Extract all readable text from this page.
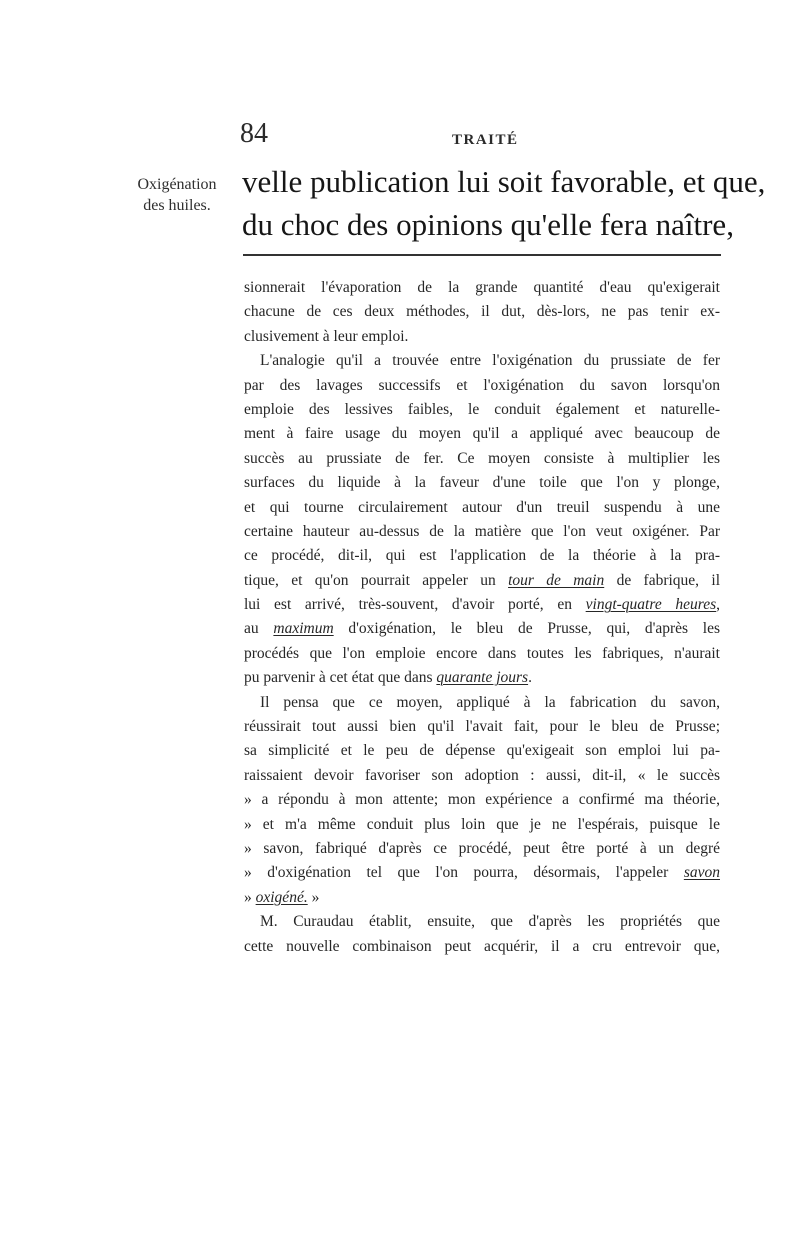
84	TRAITÉ
Oxigénation
des huiles.
velle publication lui soit favorable, et que,
du choc des opinions qu'elle fera naître,
sionnerait l'évaporation de la grande quantité d'eau qu'exigerait
chacune de ces deux méthodes, il dut, dès-lors, ne pas tenir ex-
clusivement à leur emploi.
L'analogie qu'il a trouvée entre l'oxigénation du prussiate de fer
par des lavages successifs et l'oxigénation du savon lorsqu'on
emploie des lessives faibles, le conduit également et naturelle-
ment à faire usage du moyen qu'il a appliqué avec beaucoup de
succès au prussiate de fer. Ce moyen consiste à multiplier les
surfaces du liquide à la faveur d'une toile que l'on y plonge,
et qui tourne circulairement autour d'un treuil suspendu à une
certaine hauteur au-dessus de la matière que l'on veut oxigéner. Par
ce procédé, dit-il, qui est l'application de la théorie à la pra-
tique, et qu'on pourrait appeler un tour de main de fabrique, il
lui est arrivé, très-souvent, d'avoir porté, en vingt-quatre heures,
au maximum d'oxigénation, le bleu de Prusse, qui, d'après les
procédés que l'on emploie encore dans toutes les fabriques, n'aurait
pu parvenir à cet état que dans quarante jours.
Il pensa que ce moyen, appliqué à la fabrication du savon,
réussirait tout aussi bien qu'il l'avait fait, pour le bleu de Prusse;
sa simplicité et le peu de dépense qu'exigeait son emploi lui pa-
raissaient devoir favoriser son adoption : aussi, dit-il, « le succès
» a répondu à mon attente; mon expérience a confirmé ma théorie,
» et m'a même conduit plus loin que je ne l'espérais, puisque le
» savon, fabriqué d'après ce procédé, peut être porté à un degré
» d'oxigénation tel que l'on pourra, désormais, l'appeler savon
» oxigéné. »
M. Curaudau établit, ensuite, que d'après les propriétés que
cette nouvelle combinaison peut acquérir, il a cru entrevoir que,
